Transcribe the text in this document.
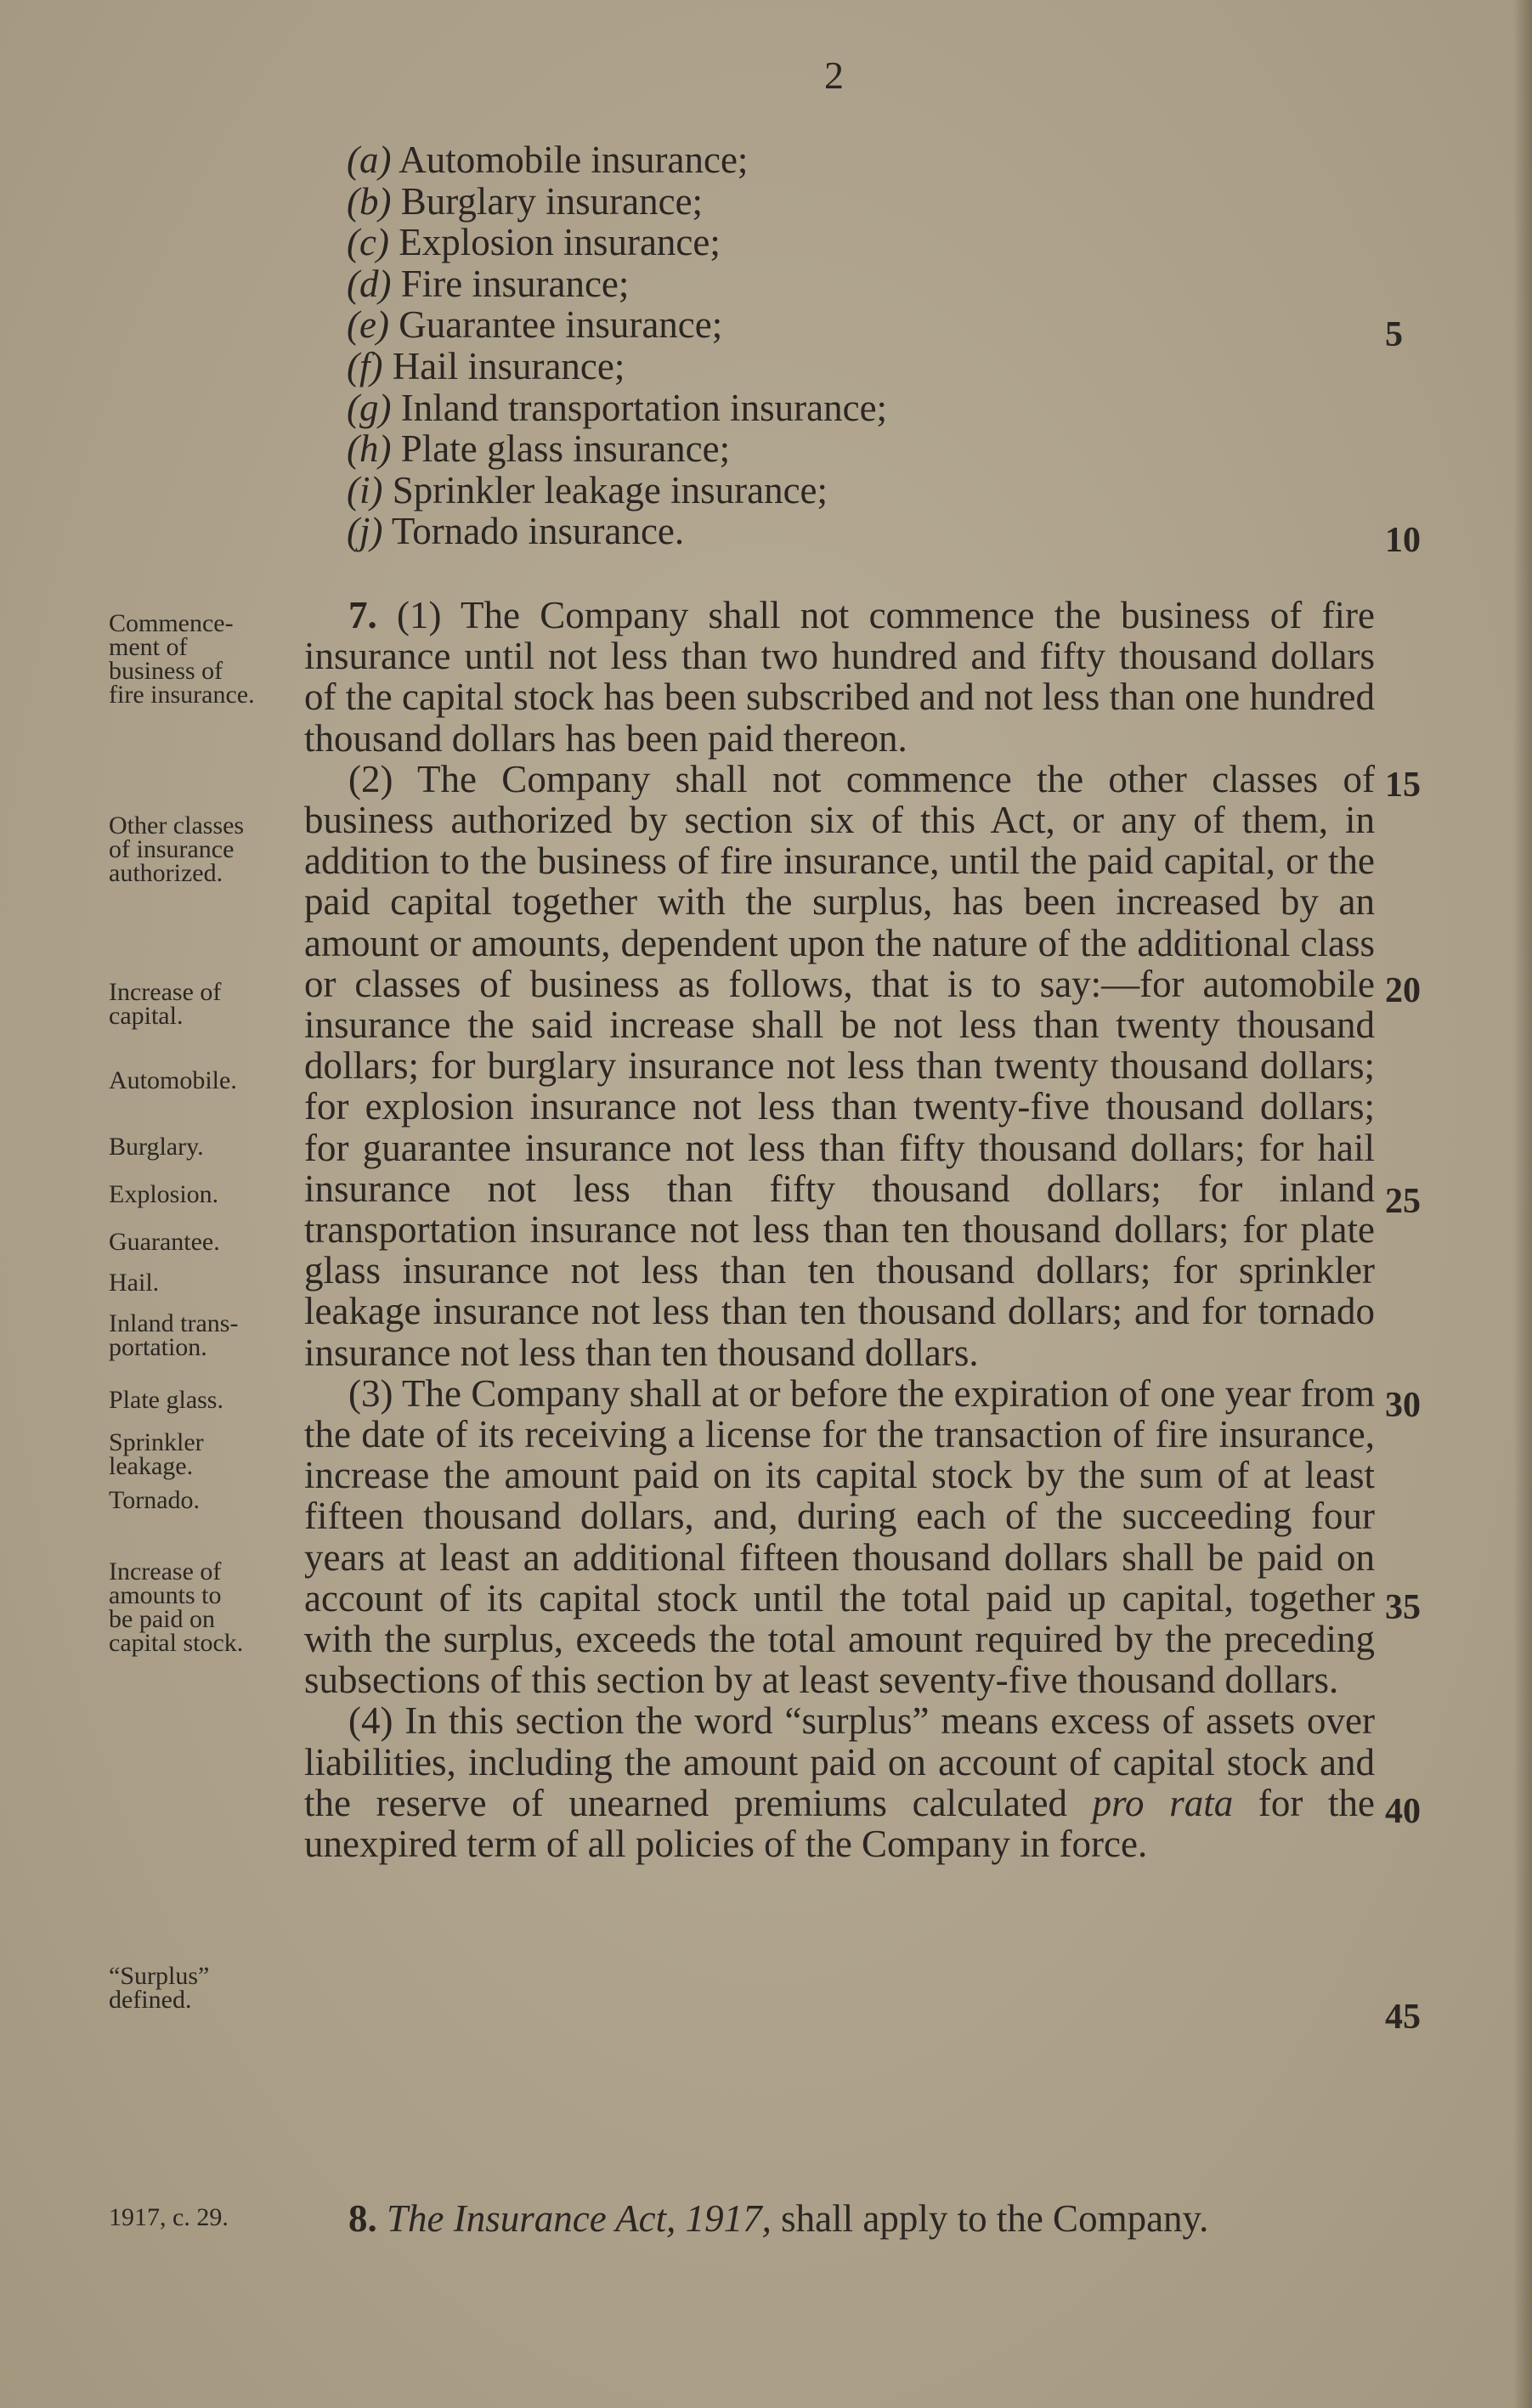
2
(a) Automobile insurance;
(b) Burglary insurance;
(c) Explosion insurance;
(d) Fire insurance;
(e) Guarantee insurance;
(f) Hail insurance;
(g) Inland transportation insurance;
(h) Plate glass insurance;
(i) Sprinkler leakage insurance;
(j) Tornado insurance.
5
10
15
20
25
30
35
40
45
Commence-
ment of
business of
fire insurance.
Other classes
of insurance
authorized.
Increase of
capital.
Automobile.
Burglary.
Explosion.
Guarantee.
Hail.
Inland trans-
portation.
Plate glass.
Sprinkler
leakage.
Tornado.
Increase of
amounts to
be paid on
capital stock.
“Surplus”
defined.
1917, c. 29.

7. (1) The Company shall not commence the business of fire insurance until not less than two hundred and fifty thousand dollars of the capital stock has been subscribed and not less than one hundred thousand dollars has been paid thereon.

(2) The Company shall not commence the other classes of business authorized by section six of this Act, or any of them, in addition to the business of fire insurance, until the paid capital, or the paid capital together with the surplus, has been increased by an amount or amounts, dependent upon the nature of the additional class or classes of business as follows, that is to say:—for automobile insurance the said increase shall be not less than twenty thousand dollars; for burglary insurance not less than twenty thousand dollars; for explosion insurance not less than twenty-five thousand dollars; for guarantee insurance not less than fifty thousand dollars; for hail insurance not less than fifty thousand dollars; for inland transportation insurance not less than ten thousand dollars; for plate glass insurance not less than ten thousand dollars; for sprinkler leakage insurance not less than ten thousand dollars; and for tornado insurance not less than ten thousand dollars.

(3) The Company shall at or before the expiration of one year from the date of its receiving a license for the transaction of fire insurance, increase the amount paid on its capital stock by the sum of at least fifteen thousand dollars, and, during each of the succeeding four years at least an additional fifteen thousand dollars shall be paid on account of its capital stock until the total paid up capital, together with the surplus, exceeds the total amount required by the preceding subsections of this section by at least seventy-five thousand dollars.

(4) In this section the word “surplus” means excess of assets over liabilities, including the amount paid on account of capital stock and the reserve of unearned premiums calculated pro rata for the unexpired term of all policies of the Company in force.

8. The Insurance Act, 1917, shall apply to the Company.
